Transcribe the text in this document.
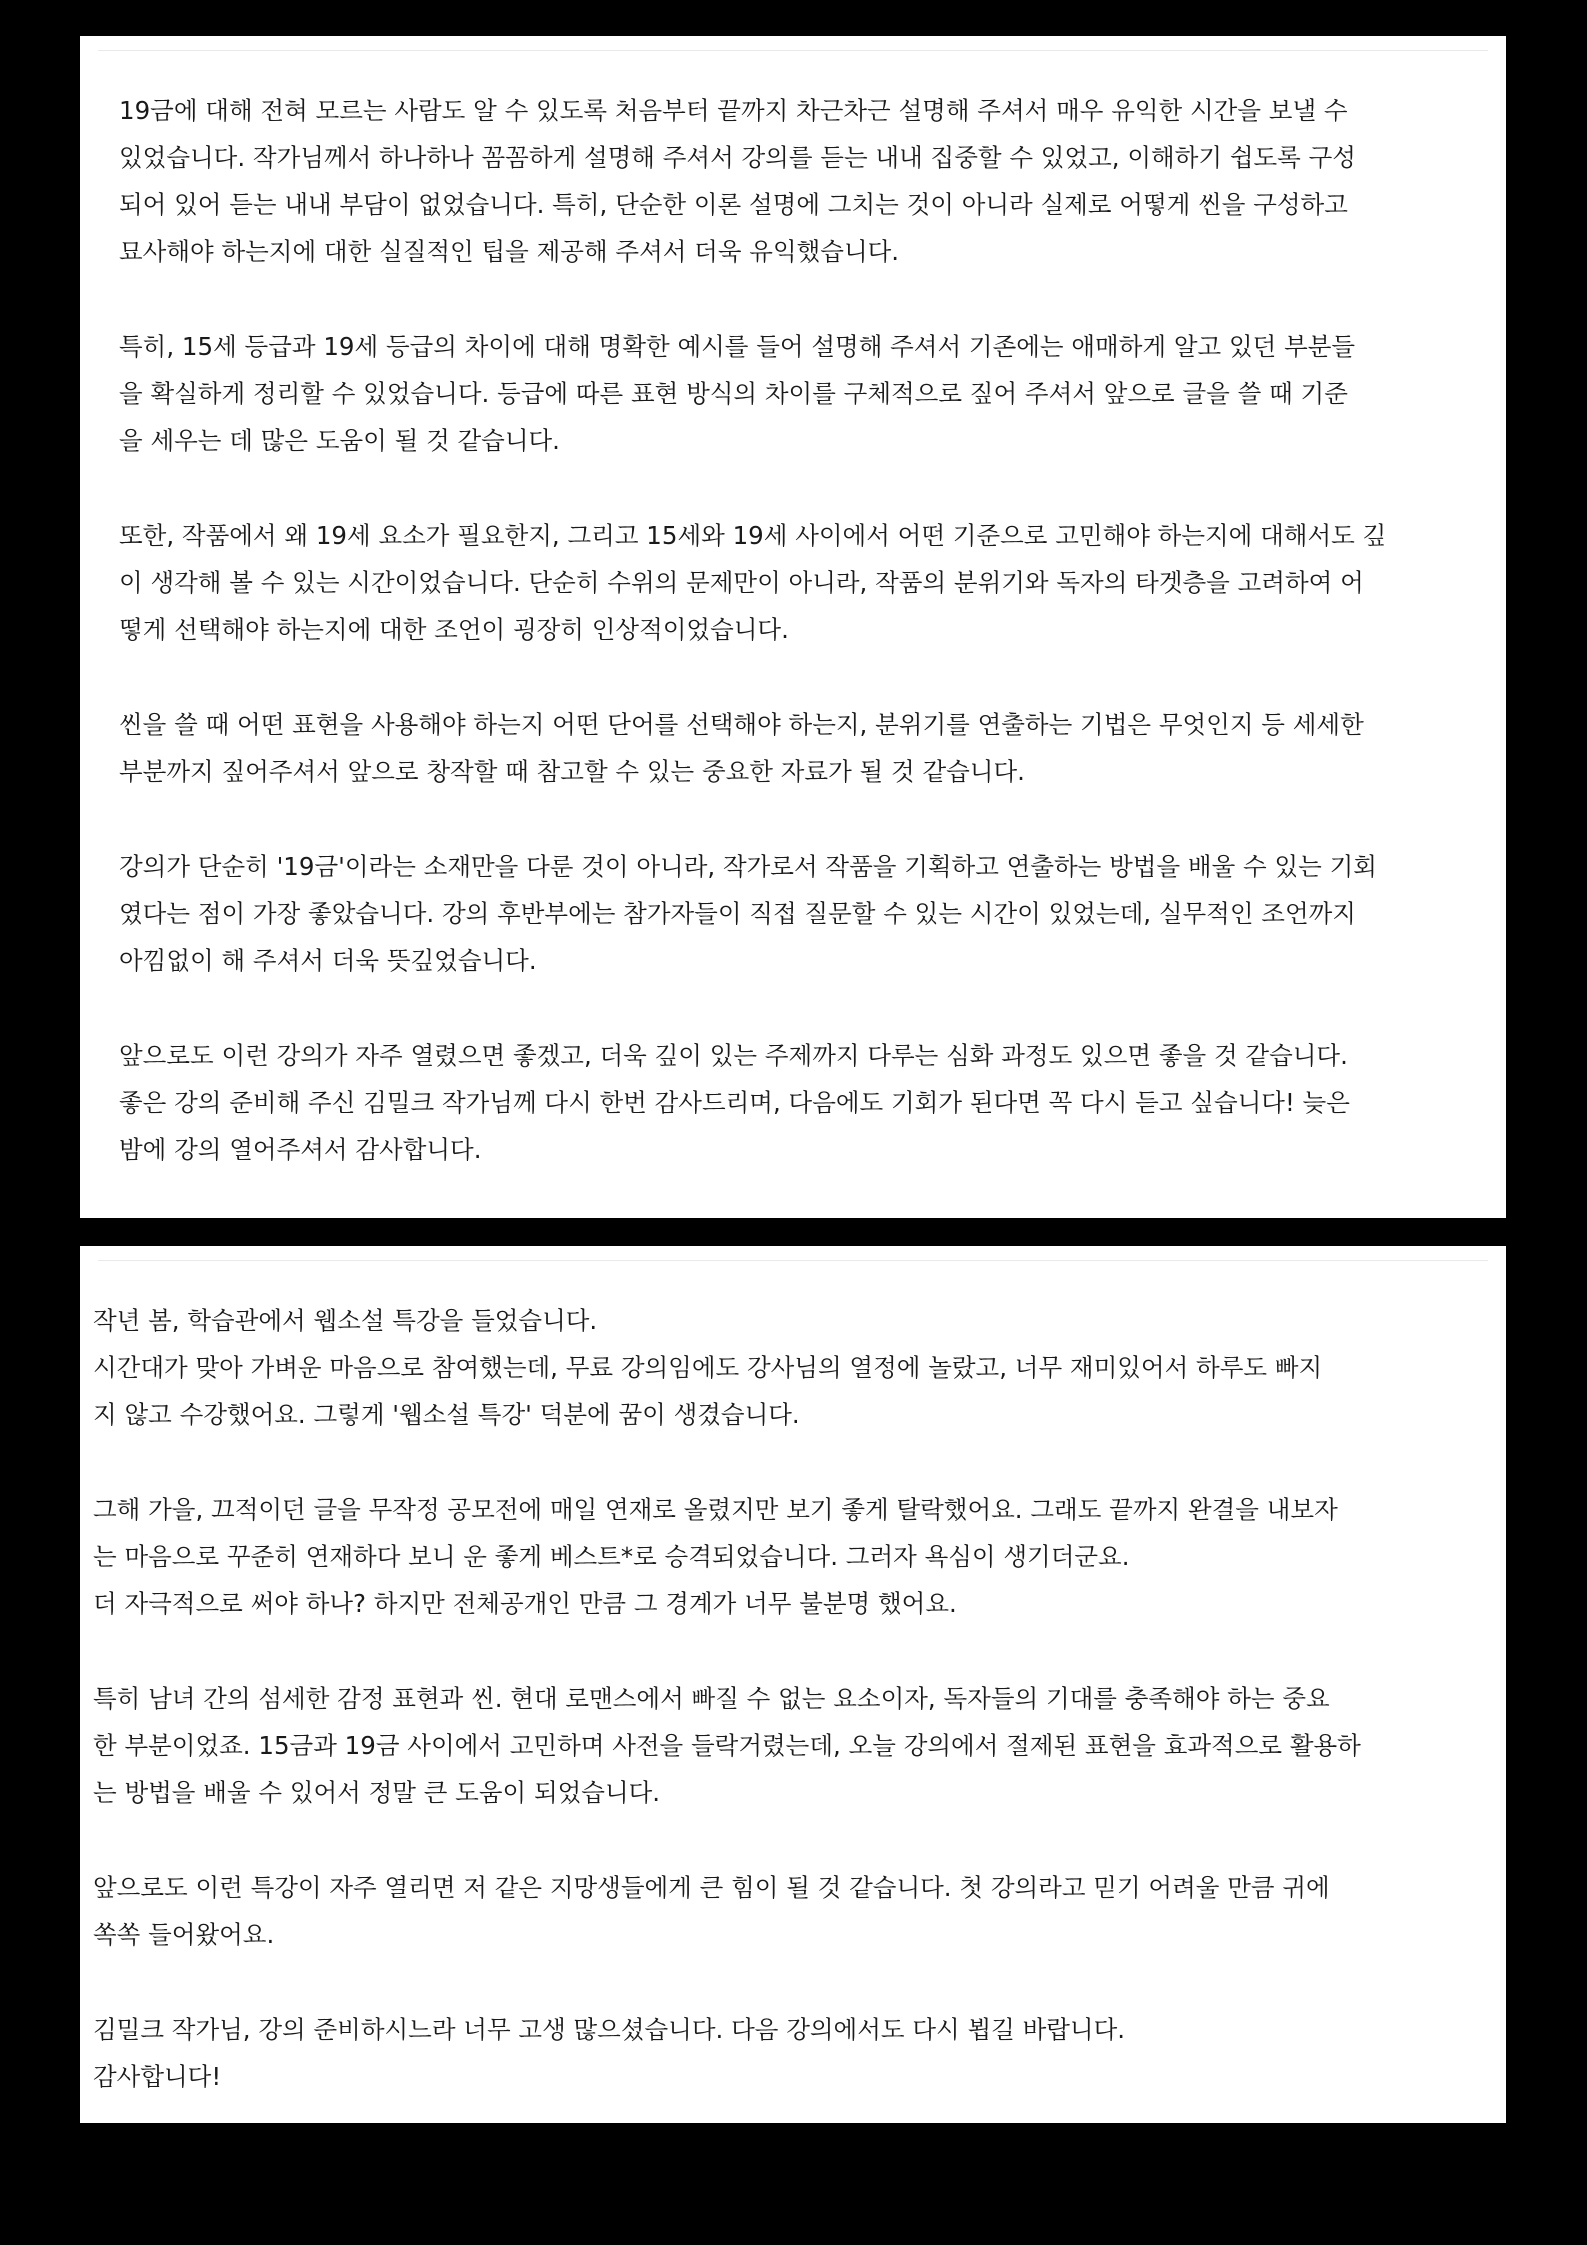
19금에 대해 전혀 모르는 사람도 알 수 있도록 처음부터 끝까지 차근차근 설명해 주셔서 매우 유익한 시간을 보낼 수
있었습니다. 작가님께서 하나하나 꼼꼼하게 설명해 주셔서 강의를 듣는 내내 집중할 수 있었고, 이해하기 쉽도록 구성
되어 있어 듣는 내내 부담이 없었습니다. 특히, 단순한 이론 설명에 그치는 것이 아니라 실제로 어떻게 씬을 구성하고
묘사해야 하는지에 대한 실질적인 팁을 제공해 주셔서 더욱 유익했습니다.

특히, 15세 등급과 19세 등급의 차이에 대해 명확한 예시를 들어 설명해 주셔서 기존에는 애매하게 알고 있던 부분들
을 확실하게 정리할 수 있었습니다. 등급에 따른 표현 방식의 차이를 구체적으로 짚어 주셔서 앞으로 글을 쓸 때 기준
을 세우는 데 많은 도움이 될 것 같습니다.

또한, 작품에서 왜 19세 요소가 필요한지, 그리고 15세와 19세 사이에서 어떤 기준으로 고민해야 하는지에 대해서도 깊
이 생각해 볼 수 있는 시간이었습니다. 단순히 수위의 문제만이 아니라, 작품의 분위기와 독자의 타겟층을 고려하여 어
떻게 선택해야 하는지에 대한 조언이 굉장히 인상적이었습니다.

씬을 쓸 때 어떤 표현을 사용해야 하는지 어떤 단어를 선택해야 하는지, 분위기를 연출하는 기법은 무엇인지 등 세세한
부분까지 짚어주셔서 앞으로 창작할 때 참고할 수 있는 중요한 자료가 될 것 같습니다.

강의가 단순히 '19금'이라는 소재만을 다룬 것이 아니라, 작가로서 작품을 기획하고 연출하는 방법을 배울 수 있는 기회
였다는 점이 가장 좋았습니다. 강의 후반부에는 참가자들이 직접 질문할 수 있는 시간이 있었는데, 실무적인 조언까지
아낌없이 해 주셔서 더욱 뜻깊었습니다.

앞으로도 이런 강의가 자주 열렸으면 좋겠고, 더욱 깊이 있는 주제까지 다루는 심화 과정도 있으면 좋을 것 같습니다.
좋은 강의 준비해 주신 김밀크 작가님께 다시 한번 감사드리며, 다음에도 기회가 된다면 꼭 다시 듣고 싶습니다! 늦은
밤에 강의 열어주셔서 감사합니다.

작년 봄, 학습관에서 웹소설 특강을 들었습니다.
시간대가 맞아 가벼운 마음으로 참여했는데, 무료 강의임에도 강사님의 열정에 놀랐고, 너무 재미있어서 하루도 빠지
지 않고 수강했어요. 그렇게 '웹소설 특강' 덕분에 꿈이 생겼습니다.

그해 가을, 끄적이던 글을 무작정 공모전에 매일 연재로 올렸지만 보기 좋게 탈락했어요. 그래도 끝까지 완결을 내보자
는 마음으로 꾸준히 연재하다 보니 운 좋게 베스트*로 승격되었습니다. 그러자 욕심이 생기더군요.
더 자극적으로 써야 하나? 하지만 전체공개인 만큼 그 경계가 너무 불분명 했어요.

특히 남녀 간의 섬세한 감정 표현과 씬. 현대 로맨스에서 빠질 수 없는 요소이자, 독자들의 기대를 충족해야 하는 중요
한 부분이었죠. 15금과 19금 사이에서 고민하며 사전을 들락거렸는데, 오늘 강의에서 절제된 표현을 효과적으로 활용하
는 방법을 배울 수 있어서 정말 큰 도움이 되었습니다.

앞으로도 이런 특강이 자주 열리면 저 같은 지망생들에게 큰 힘이 될 것 같습니다. 첫 강의라고 믿기 어려울 만큼 귀에
쏙쏙 들어왔어요.

김밀크 작가님, 강의 준비하시느라 너무 고생 많으셨습니다. 다음 강의에서도 다시 뵙길 바랍니다.
감사합니다!
